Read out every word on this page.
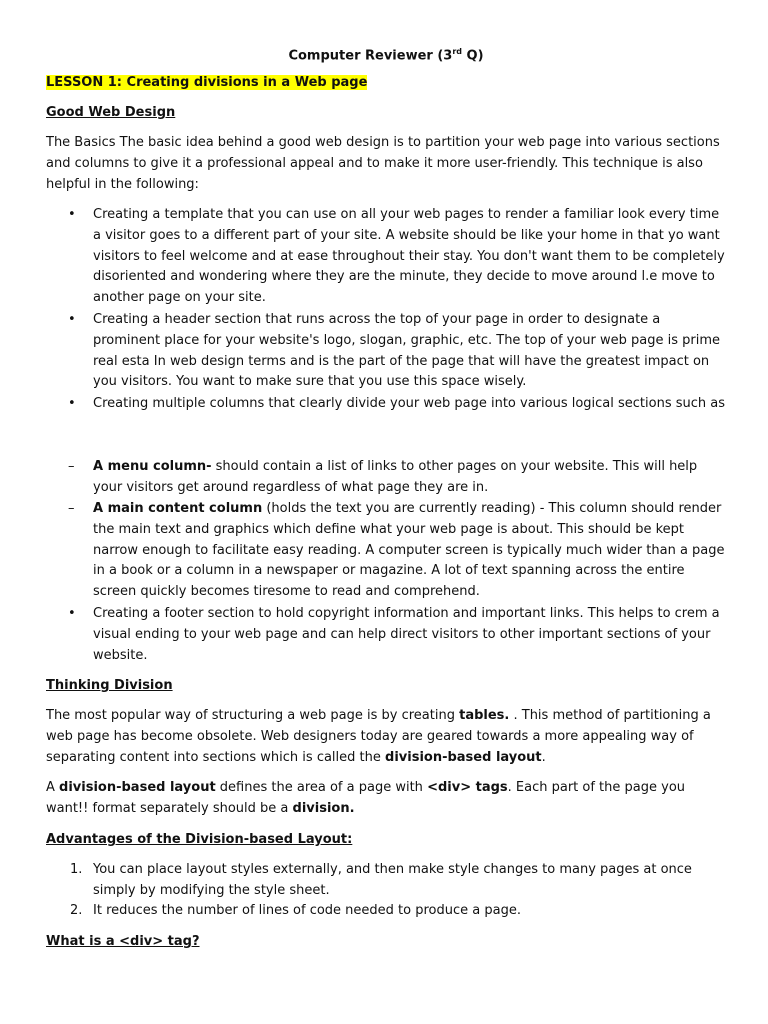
Computer Reviewer (3rd Q)

LESSON 1: Creating divisions in a Web page

Good Web Design

The Basics The basic idea behind a good web design is to partition your web page into various sections and columns to give it a professional appeal and to make it more user-friendly. This technique is also helpful in the following:

•	Creating a template that you can use on all your web pages to render a familiar look every time a visitor goes to a different part of your site. A website should be like your home in that yo want visitors to feel welcome and at ease throughout their stay. You don't want them to be completely disoriented and wondering where they are the minute, they decide to move around l.e move to another page on your site.

•	Creating a header section that runs across the top of your page in order to designate a prominent place for your website's logo, slogan, graphic, etc. The top of your web page is prime real esta In web design terms and is the part of the page that will have the greatest impact on you visitors. You want to make sure that you use this space wisely.

•	Creating multiple columns that clearly divide your web page into various logical sections such as

–	A menu column- should contain a list of links to other pages on your website. This will help your visitors get around regardless of what page they are in.

–	A main content column (holds the text you are currently reading) - This column should render the main text and graphics which define what your web page is about. This should be kept narrow enough to facilitate easy reading. A computer screen is typically much wider than a page in a book or a column in a newspaper or magazine. A lot of text spanning across the entire screen quickly becomes tiresome to read and comprehend.

•	Creating a footer section to hold copyright information and important links. This helps to crem a visual ending to your web page and can help direct visitors to other important sections of your website.

Thinking Division

The most popular way of structuring a web page is by creating tables. . This method of partitioning a web page has become obsolete. Web designers today are geared towards a more appealing way of separating content into sections which is called the division-based layout.

A division-based layout defines the area of a page with <div> tags. Each part of the page you want!! format separately should be a division.

Advantages of the Division-based Layout:

1. You can place layout styles externally, and then make style changes to many pages at once simply by modifying the style sheet.

2. It reduces the number of lines of code needed to produce a page.

What is a <div> tag?
